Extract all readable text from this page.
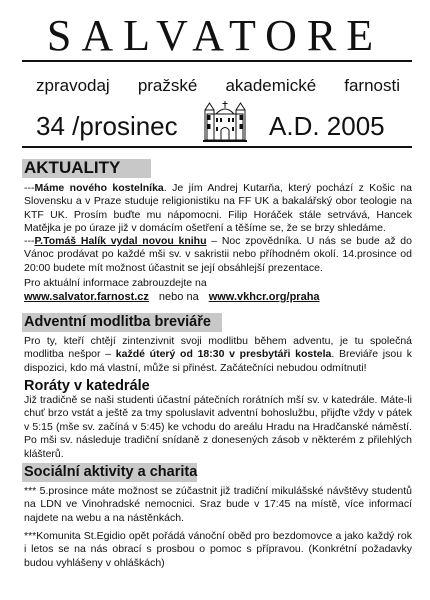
SALVATORE
zpravodaj pražské akademické farnosti
34 /prosinec	A.D. 2005
AKTUALITY
---Máme nového kostelníka. Je jím Andrej Kutarňa, který pochází z Košic na Slovensku a v Praze studuje religionistiku na FF UK a bakalářský obor teologie na KTF UK. Prosím buďte mu nápomocni. Filip Horáček stále setrvává, Hancek Matějka je po úraze již v domácím ošetření a těšíme se, že se brzy shledáme.
---P.Tomáš Halík vydal novou knihu – Noc zpovědníka. U nás se bude až do Vánoc prodávat po každé mši sv. v sakristii nebo příhodném okolí. 14.prosince od 20:00 budete mít možnost účastnit se její obsáhlejší prezentace.
Pro aktuální informace zabrouzdejte na
www.salvator.farnost.cz nebo na www.vkhcr.org/praha
Adventní modlitba breviáře
Pro ty, kteří chtějí zintenzivnit svoji modlitbu během adventu, je tu společná modlitba nešpor – každé úterý od 18:30 v presbytáři kostela. Breviáře jsou k dispozici, kdo má vlastní, může si přinést. Začátečníci nebudou odmítnuti!
Roráty v katedrále
Již tradičně se naši studenti účastní pátečních rorátních mší sv. v katedrále. Máte-li chuť brzo vstát a ještě za tmy spoluslavit adventní bohoslužbu, přijďte vždy v pátek v 5:15 (mše sv. začíná v 5:45) ke vchodu do areálu Hradu na Hradčanské náměstí. Po mši sv. následuje tradiční snídaně z donesených zásob v některém z přilehlých klášterů.
Sociální aktivity a charita
*** 5.prosince máte možnost se zúčastnit již tradiční mikulášské návštěvy studentů na LDN ve Vinohradské nemocnici. Sraz bude v 17:45 na místě, více informací najdete na webu a na nástěnkách.
***Komunita St.Egidio opět pořádá vánoční oběd pro bezdomovce a jako každý rok i letos se na nás obrací s prosbou o pomoc s přípravou. (Konkrétní požadavky budou vyhlášeny v ohláškách)
